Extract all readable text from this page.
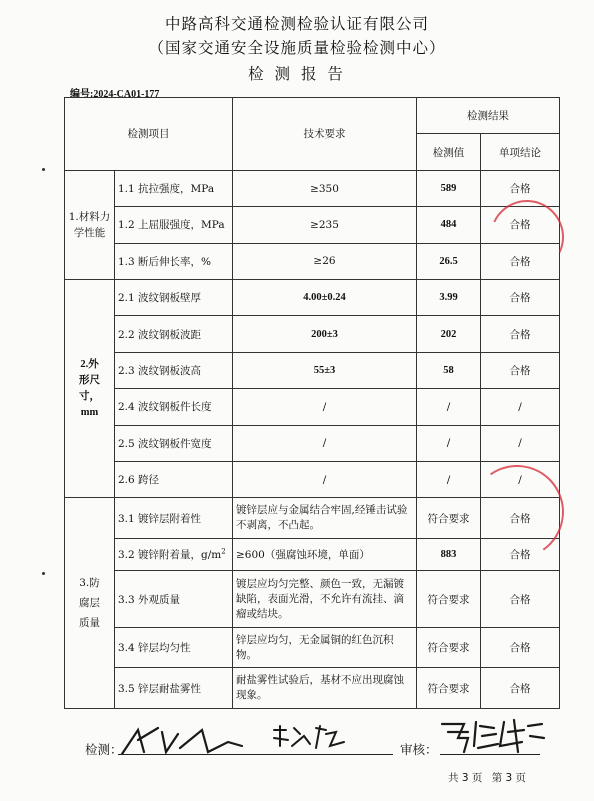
中路高科交通检测检验认证有限公司
（国家交通安全设施质量检验检测中心）
检 测 报 告
编号:2024-CA01-177
检测项目		技术要求	检测结果	
			检测值	单项结论
1.材料力学性能	1.1 抗拉强度，MPa	≥350	589	合格
	1.2 上屈服强度，MPa	≥235	484	合格
	1.3 断后伸长率，%	≥26	26.5	合格
2.外形尺寸，mm	2.1 波纹钢板壁厚	4.00±0.24	3.99	合格
	2.2 波纹钢板波距	200±3	202	合格
	2.3 波纹钢板波高	55±3	58	合格
	2.4 波纹钢板件长度	/	/	/
	2.5 波纹钢板件宽度	/	/	/
	2.6 跨径	/	/	/
3.防腐层质量	3.1 镀锌层附着性	镀锌层应与金属结合牢固,经锤击试验不剥离，不凸起。	符合要求	合格
	3.2 镀锌附着量，$g/m^2$	≥600（强腐蚀环境，单面）	883	合格
	3.3 外观质量	镀层应均匀完整、颜色一致，无漏镀缺陷，表面光滑，不允许有流挂、滴瘤或结块。	符合要求	合格
	3.4 锌层均匀性	锌层应均匀，无金属铜的红色沉积物。	符合要求	合格
	3.5 锌层耐盐雾性	耐盐雾性试验后，基材不应出现腐蚀现象。	符合要求	合格
检测：	审核：
共 3 页 第 3 页
